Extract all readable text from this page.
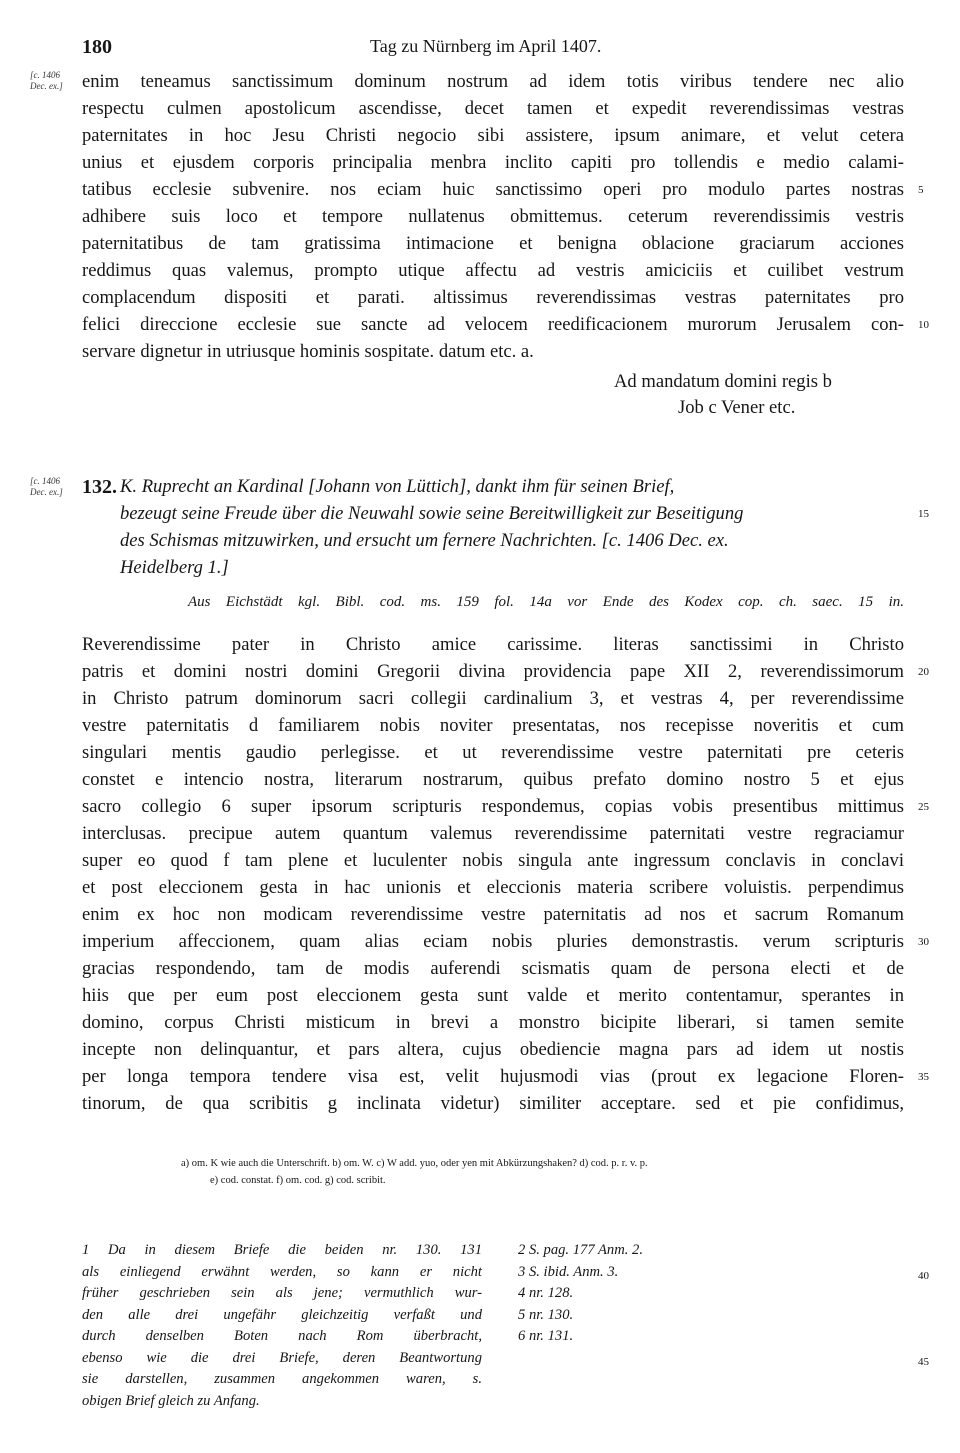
180	Tag zu Nürnberg im April 1407.
[c. 1406
Dec. ex.]
[c. 1406
Dec. ex.]
enim teneamus sanctissimum dominum nostrum ad idem totis viribus tendere nec alio
respectu culmen apostolicum ascendisse, decet tamen et expedit reverendissimas vestras
paternitates in hoc Jesu Christi negocio sibi assistere, ipsum animare, et velut cetera
unius et ejusdem corporis principalia menbra inclito capiti pro tollendis e medio calami-
tatibus ecclesie subvenire. nos eciam huic sanctissimo operi pro modulo partes nostras
adhibere suis loco et tempore nullatenus obmittemus. ceterum reverendissimis vestris
paternitatibus de tam gratissima intimacione et benigna oblacione graciarum acciones
reddimus quas valemus, prompto utique affectu ad vestris amiciciis et cuilibet vestrum
complacendum dispositi et parati. altissimus reverendissimas vestras paternitates pro
felici direccione ecclesie sue sancte ad velocem reedificacionem murorum Jerusalem con-
servare dignetur in utriusque hominis sospitate. datum etc. a.
Ad mandatum domini regis b
Job c Vener etc.
132. K. Ruprecht an Kardinal [Johann von Lüttich], dankt ihm für seinen Brief,
bezeugt seine Freude über die Neuwahl sowie seine Bereitwilligkeit zur Beseitigung
des Schismas mitzuwirken, und ersucht um fernere Nachrichten. [c. 1406 Dec. ex.
Heidelberg 1.]
Aus Eichstädt kgl. Bibl. cod. ms. 159 fol. 14a vor Ende des Kodex cop. ch. saec. 15 in.
Reverendissime pater in Christo amice carissime. literas sanctissimi in Christo
patris et domini nostri domini Gregorii divina providencia pape XII 2, reverendissimorum
in Christo patrum dominorum sacri collegii cardinalium 3, et vestras 4, per reverendissime
vestre paternitatis d familiarem nobis noviter presentatas, nos recepisse noveritis et cum
singulari mentis gaudio perlegisse. et ut reverendissime vestre paternitati pre ceteris
constet e intencio nostra, literarum nostrarum, quibus prefato domino nostro 5 et ejus
sacro collegio 6 super ipsorum scripturis respondemus, copias vobis presentibus mittimus
interclusas. precipue autem quantum valemus reverendissime paternitati vestre regraciamur
super eo quod f tam plene et luculenter nobis singula ante ingressum conclavis in conclavi
et post eleccionem gesta in hac unionis et eleccionis materia scribere voluistis. perpendimus
enim ex hoc non modicam reverendissime vestre paternitatis ad nos et sacrum Romanum
imperium affeccionem, quam alias eciam nobis pluries demonstrastis. verum scripturis
gracias respondendo, tam de modis auferendi scismatis quam de persona electi et de
hiis que per eum post eleccionem gesta sunt valde et merito contentamur, sperantes in
domino, corpus Christi misticum in brevi a monstro bicipite liberari, si tamen semite
incepte non delinquantur, et pars altera, cujus obediencie magna pars ad idem ut nostis
per longa tempora tendere visa est, velit hujusmodi vias (prout ex legacione Floren-
tinorum, de qua scribitis g inclinata videtur) similiter acceptare. sed et pie confidimus,
5
10
15
20
25
30
35
40
45
a) om. K wie auch die Unterschrift. b) om. W. c) W add. yuo, oder yen mit Abkürzungshaken? d) cod. p. r. v. p.
e) cod. constat. f) om. cod. g) cod. scribit.
1 Da in diesem Briefe die beiden nr. 130. 131
als einliegend erwähnt werden, so kann er nicht
früher geschrieben sein als jene; vermuthlich wur-
den alle drei ungefähr gleichzeitig verfaßt und
durch denselben Boten nach Rom überbracht,
ebenso wie die drei Briefe, deren Beantwortung
sie darstellen, zusammen angekommen waren, s.
obigen Brief gleich zu Anfang.
2 S. pag. 177 Anm. 2.
3 S. ibid. Anm. 3.
4 nr. 128.
5 nr. 130.
6 nr. 131.
